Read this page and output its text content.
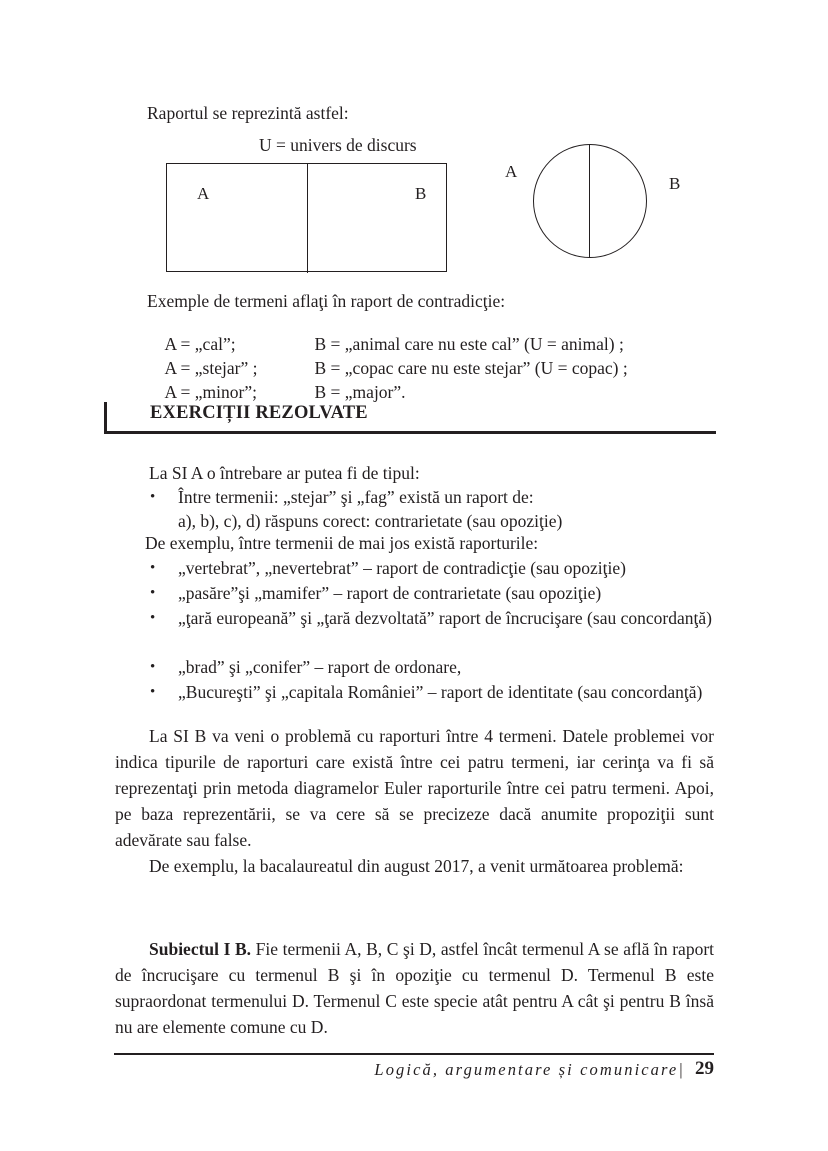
Raportul se reprezintă astfel:
U = univers de discurs
A	B
A
B
Exemple de termeni aflaţi în raport de contradicţie:

A = „cal”;	B = „animal care nu este cal” (U = animal) ;

A = „stejar” ;	B = „copac care nu este stejar” (U = copac) ;

A = „minor”;	B = „major”.

EXERCIȚII REZOLVATE
La SI A o întrebare ar putea fi de tipul:
• Între termenii: „stejar” şi „fag” există un raport de:
a), b), c), d) răspuns corect: contrarietate (sau opoziţie)
De exemplu, între termenii de mai jos există raporturile:
• „vertebrat”, „nevertebrat” – raport de contradicţie (sau opoziţie)
• „pasăre”şi „mamifer” – raport de contrarietate (sau opoziţie)
• „ţară europeană” şi „ţară dezvoltată” raport de încrucişare (sau concordanţă)
• „brad” şi „conifer” – raport de ordonare,
• „Bucureşti” şi „capitala României” – raport de identitate (sau concordanţă)
La SI B va veni o problemă cu raporturi între 4 termeni. Datele problemei vor indica tipurile de raporturi care există între cei patru termeni, iar cerinţa va fi să reprezentaţi prin metoda diagramelor Euler raporturile între cei patru termeni. Apoi, pe baza reprezentării, se va cere să se precizeze dacă anumite propoziţii sunt adevărate sau false.
De exemplu, la bacalaureatul din august 2017, a venit următoarea problemă:
Subiectul I B. Fie termenii A, B, C şi D, astfel încât termenul A se află în raport de încrucişare cu termenul B şi în opoziţie cu termenul D. Termenul B este supraordonat termenului D. Termenul C este specie atât pentru A cât şi pentru B însă nu are elemente comune cu D.
29
Logică, argumentare și comunicare|
